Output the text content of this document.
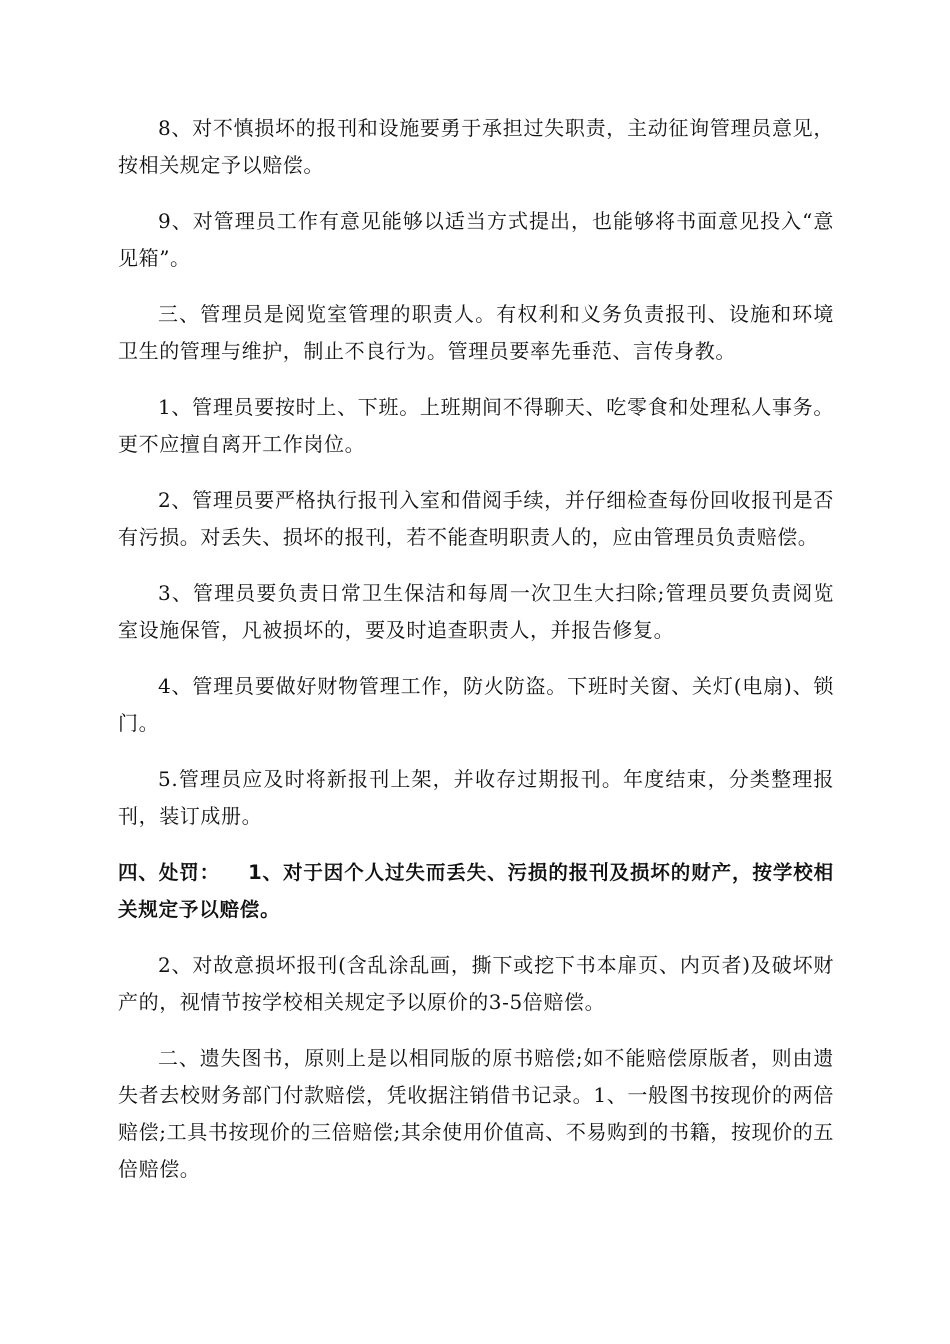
8、对不慎损坏的报刊和设施要勇于承担过失职责，主动征询管理员意见，按相关规定予以赔偿。

9、对管理员工作有意见能够以适当方式提出，也能够将书面意见投入“意见箱”。

三、管理员是阅览室管理的职责人。有权利和义务负责报刊、设施和环境卫生的管理与维护，制止不良行为。管理员要率先垂范、言传身教。

1、管理员要按时上、下班。上班期间不得聊天、吃零食和处理私人事务。更不应擅自离开工作岗位。

2、管理员要严格执行报刊入室和借阅手续，并仔细检查每份回收报刊是否有污损。对丢失、损坏的报刊，若不能查明职责人的，应由管理员负责赔偿。

3、管理员要负责日常卫生保洁和每周一次卫生大扫除;管理员要负责阅览室设施保管，凡被损坏的，要及时追查职责人，并报告修复。

4、管理员要做好财物管理工作，防火防盗。下班时关窗、关灯(电扇)、锁门。

5.管理员应及时将新报刊上架，并收存过期报刊。年度结束，分类整理报刊，装订成册。

四、处罚： 1、对于因个人过失而丢失、污损的报刊及损坏的财产，按学校相关规定予以赔偿。

2、对故意损坏报刊(含乱涂乱画，撕下或挖下书本扉页、内页者)及破坏财产的，视情节按学校相关规定予以原价的3-5倍赔偿。

二、遗失图书，原则上是以相同版的原书赔偿;如不能赔偿原版者，则由遗失者去校财务部门付款赔偿，凭收据注销借书记录。1、一般图书按现价的两倍赔偿;工具书按现价的三倍赔偿;其余使用价值高、不易购到的书籍，按现价的五倍赔偿。
